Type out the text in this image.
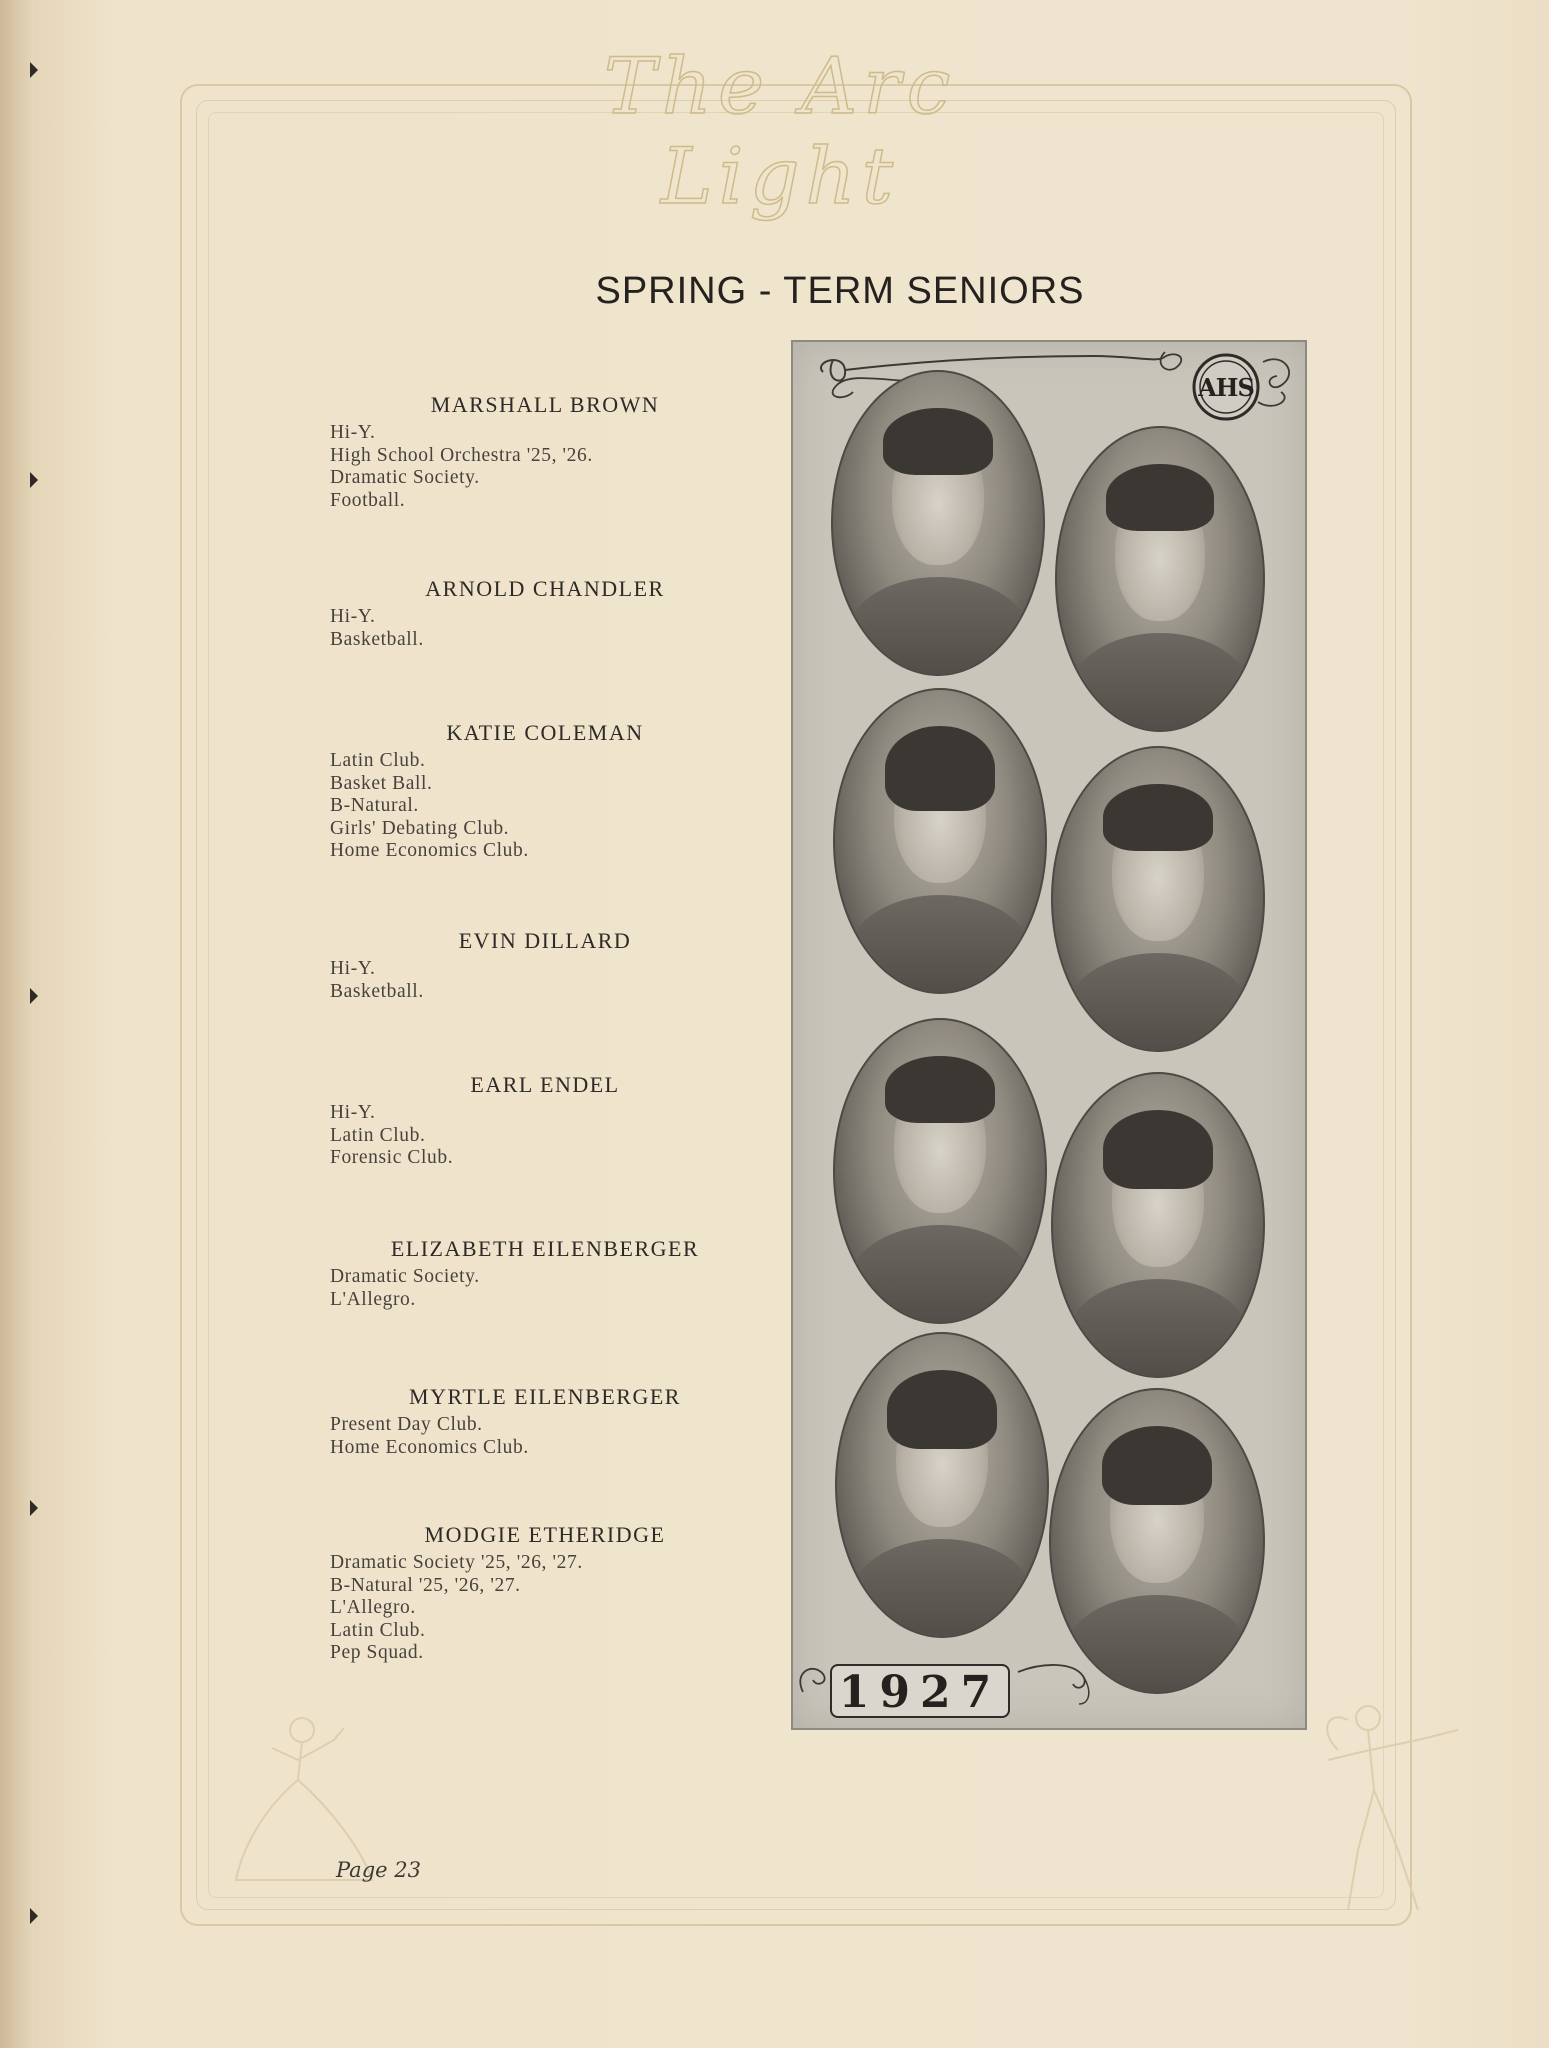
The Arc Light
SPRING - TERM SENIORS
MARSHALL BROWN
Hi-Y.
High School Orchestra '25, '26.
Dramatic Society.
Football.
ARNOLD CHANDLER
Hi-Y.
Basketball.
KATIE COLEMAN
Latin Club.
Basket Ball.
B-Natural.
Girls' Debating Club.
Home Economics Club.
EVIN DILLARD
Hi-Y.
Basketball.
EARL ENDEL
Hi-Y.
Latin Club.
Forensic Club.
ELIZABETH EILENBERGER
Dramatic Society.
L'Allegro.
MYRTLE EILENBERGER
Present Day Club.
Home Economics Club.
MODGIE ETHERIDGE
Dramatic Society '25, '26, '27.
B-Natural '25, '26, '27.
L'Allegro.
Latin Club.
Pep Squad.
AHS
1927
Page 23
